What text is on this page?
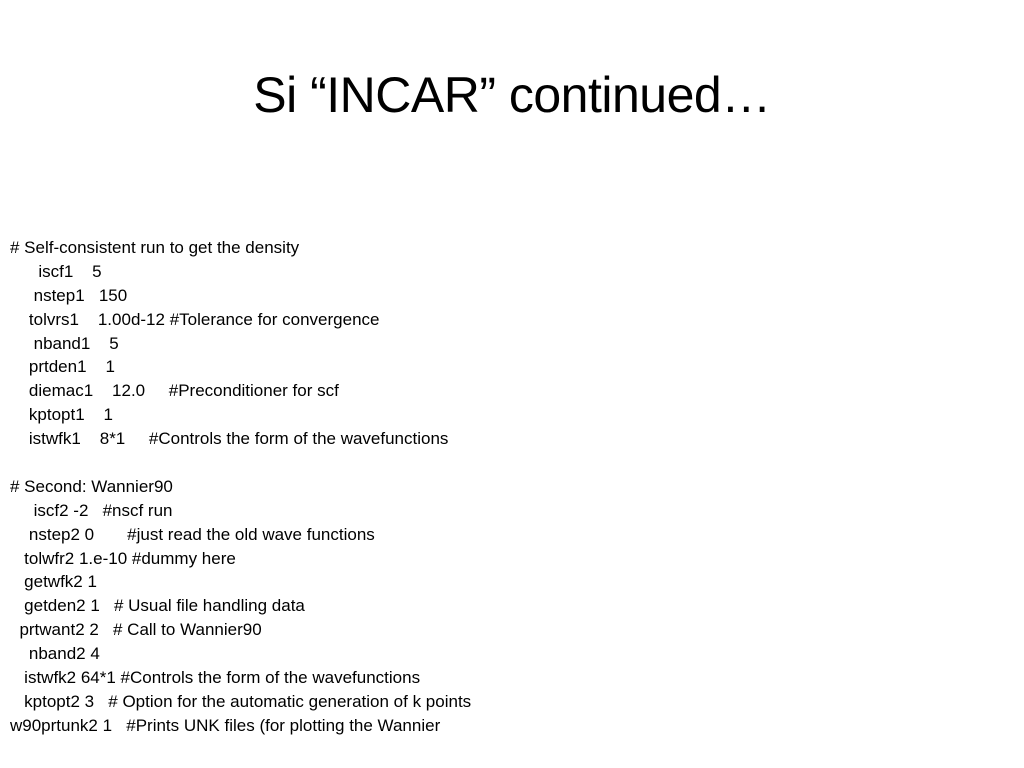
Si “INCAR” continued…
# Self-consistent run to get the density
iscf1    5
nstep1   150
tolvrs1    1.00d-12 #Tolerance for convergence
nband1    5
prtden1    1
diemac1    12.0     #Preconditioner for scf
kptopt1    1
istwfk1    8*1     #Controls the form of the wavefunctions
# Second: Wannier90
iscf2 -2   #nscf run
nstep2 0       #just read the old wave functions
tolwfr2 1.e-10 #dummy here
getwfk2 1
getden2 1   # Usual file handling data
prtwant2 2   # Call to Wannier90
nband2 4
istwfk2 64*1 #Controls the form of the wavefunctions
kptopt2 3   # Option for the automatic generation of k points
w90prtunk2 1   #Prints UNK files (for plotting the Wannier
